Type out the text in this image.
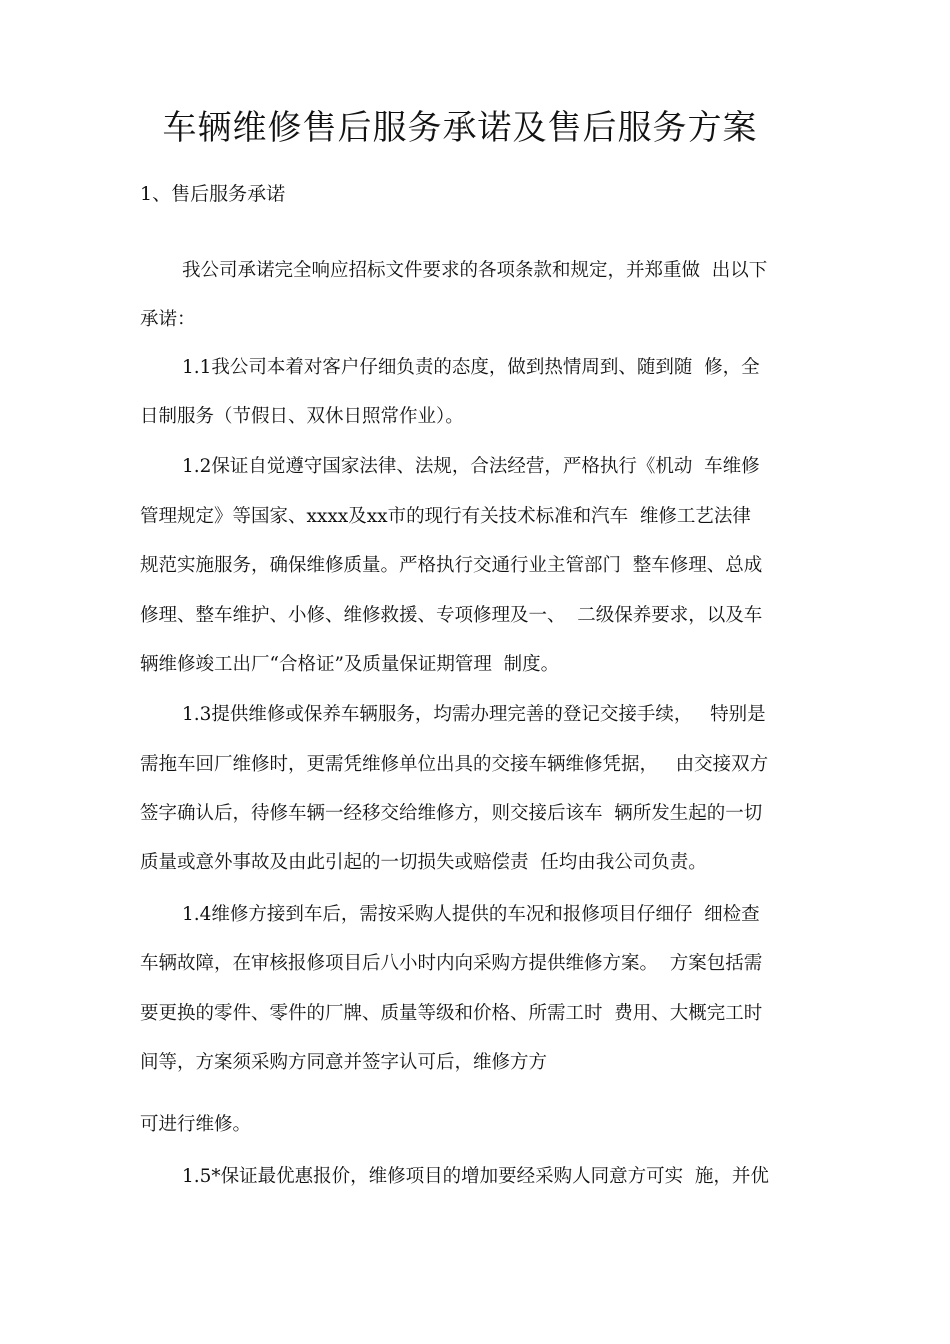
车辆维修售后服务承诺及售后服务方案
1、售后服务承诺
我公司承诺完全响应招标文件要求的各项条款和规定，并郑重做  出以下
承诺：
1.1我公司本着对客户仔细负责的态度，做到热情周到、随到随  修，全
日制服务（节假日、双休日照常作业）。
1.2保证自觉遵守国家法律、法规，合法经营，严格执行《机动  车维修
管理规定》等国家、xxxx及xx市的现行有关技术标准和汽车  维修工艺法律
规范实施服务，确保维修质量。严格执行交通行业主管部门  整车修理、总成
修理、整车维护、小修、维修救援、专项修理及一、  二级保养要求，以及车
辆维修竣工出厂“合格证”及质量保证期管理  制度。
1.3提供维修或保养车辆服务，均需办理完善的登记交接手续，   特别是
需拖车回厂维修时，更需凭维修单位出具的交接车辆维修凭据，   由交接双方
签字确认后，待修车辆一经移交给维修方，则交接后该车  辆所发生起的一切
质量或意外事故及由此引起的一切损失或赔偿责  任均由我公司负责。
1.4维修方接到车后，需按采购人提供的车况和报修项目仔细仔  细检查
车辆故障，在审核报修项目后八小时内向采购方提供维修方案。  方案包括需
要更换的零件、零件的厂牌、质量等级和价格、所需工时  费用、大概完工时
间等，方案须采购方同意并签字认可后，维修方方
可进行维修。
1.5*保证最优惠报价，维修项目的增加要经采购人同意方可实  施，并优
